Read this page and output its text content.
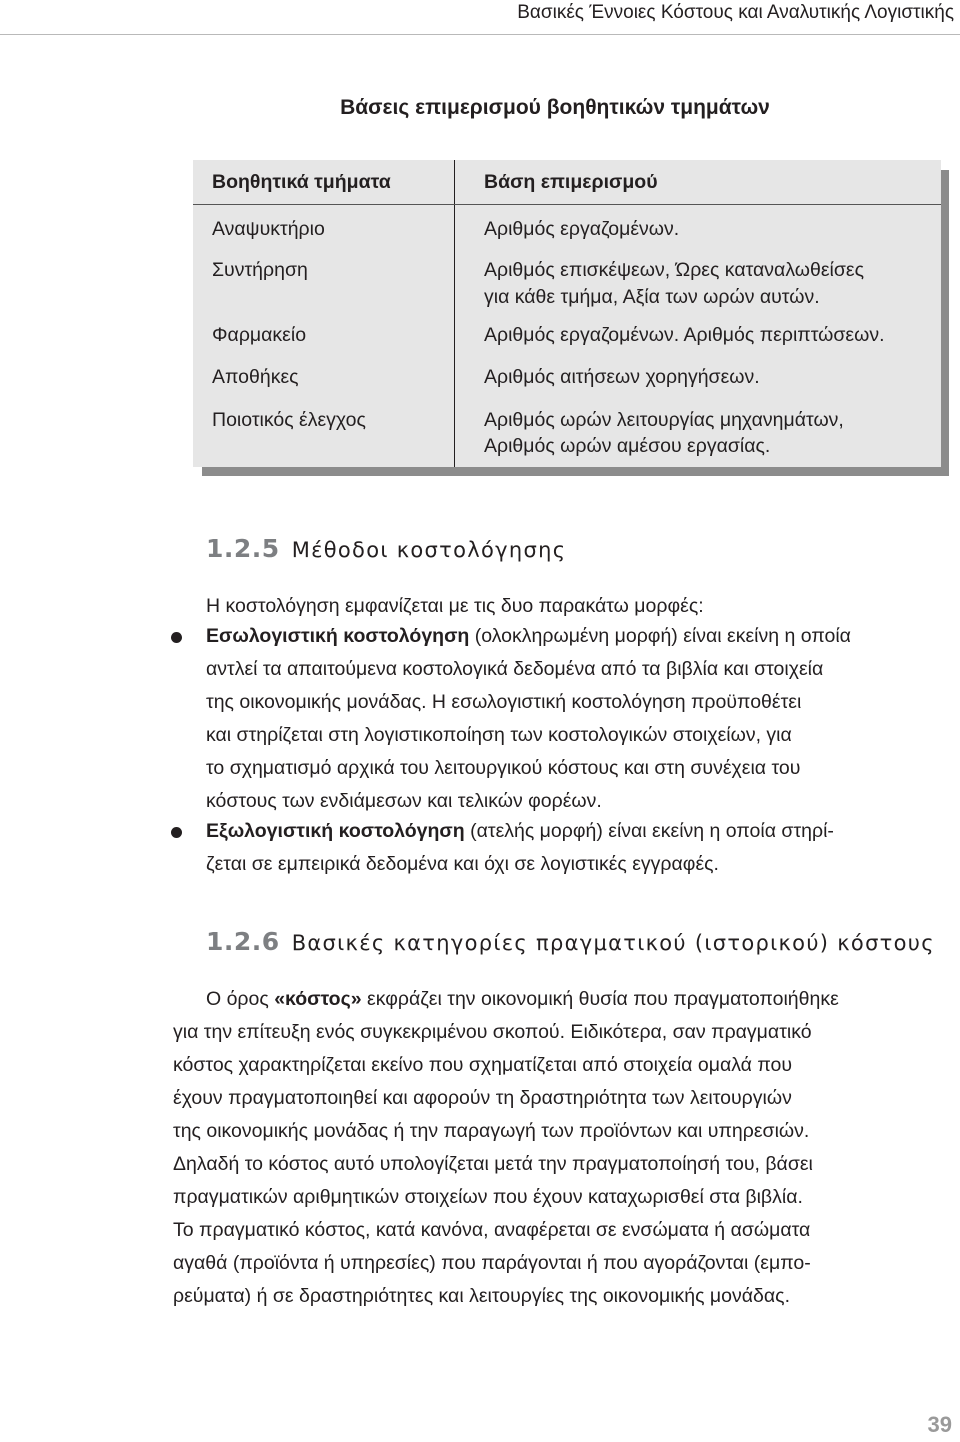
Βασικές Έννοιες Κόστους και Αναλυτικής Λογιστικής
Βάσεις επιμερισμού βοηθητικών τμημάτων
Βοηθητικά τμήματα	Βάση επιμερισμού
Αναψυκτήριο	Αριθμός εργαζομένων.
Συντήρηση	Αριθμός επισκέψεων, Ώρες καταναλωθείσες
για κάθε τμήμα, Αξία των ωρών αυτών.
Φαρμακείο	Αριθμός εργαζομένων. Αριθμός περιπτώσεων.
Αποθήκες	Αριθμός αιτήσεων χορηγήσεων.
Ποιοτικός έλεγχος	Αριθμός ωρών λειτουργίας μηχανημάτων,
Αριθμός ωρών αμέσου εργασίας.
1.2.5 Μέθοδοι κοστολόγησης
Η κοστολόγηση εμφανίζεται με τις δυο παρακάτω μορφές:
Εσωλογιστική κοστολόγηση (ολοκληρωμένη μορφή) είναι εκείνη η οποία
αντλεί τα απαιτούμενα κοστολογικά δεδομένα από τα βιβλία και στοιχεία
της οικονομικής μονάδας. Η εσωλογιστική κοστολόγηση προϋποθέτει
και στηρίζεται στη λογιστικοποίηση των κοστολογικών στοιχείων, για
το σχηματισμό αρχικά του λειτουργικού κόστους και στη συνέχεια του
κόστους των ενδιάμεσων και τελικών φορέων.
Εξωλογιστική κοστολόγηση (ατελής μορφή) είναι εκείνη η οποία στηρί-
ζεται σε εμπειρικά δεδομένα και όχι σε λογιστικές εγγραφές.
1.2.6 Βασικές κατηγορίες πραγματικού (ιστορικού) κόστους
Ο όρος «κόστος» εκφράζει την οικονομική θυσία που πραγματοποιήθηκε
για την επίτευξη ενός συγκεκριμένου σκοπού. Ειδικότερα, σαν πραγματικό
κόστος χαρακτηρίζεται εκείνο που σχηματίζεται από στοιχεία ομαλά που
έχουν πραγματοποιηθεί και αφορούν τη δραστηριότητα των λειτουργιών
της οικονομικής μονάδας ή την παραγωγή των προϊόντων και υπηρεσιών.
Δηλαδή το κόστος αυτό υπολογίζεται μετά την πραγματοποίησή του, βάσει
πραγματικών αριθμητικών στοιχείων που έχουν καταχωρισθεί στα βιβλία.
Το πραγματικό κόστος, κατά κανόνα, αναφέρεται σε ενσώματα ή ασώματα
αγαθά (προϊόντα ή υπηρεσίες) που παράγονται ή που αγοράζονται (εμπο-
ρεύματα) ή σε δραστηριότητες και λειτουργίες της οικονομικής μονάδας.
39
